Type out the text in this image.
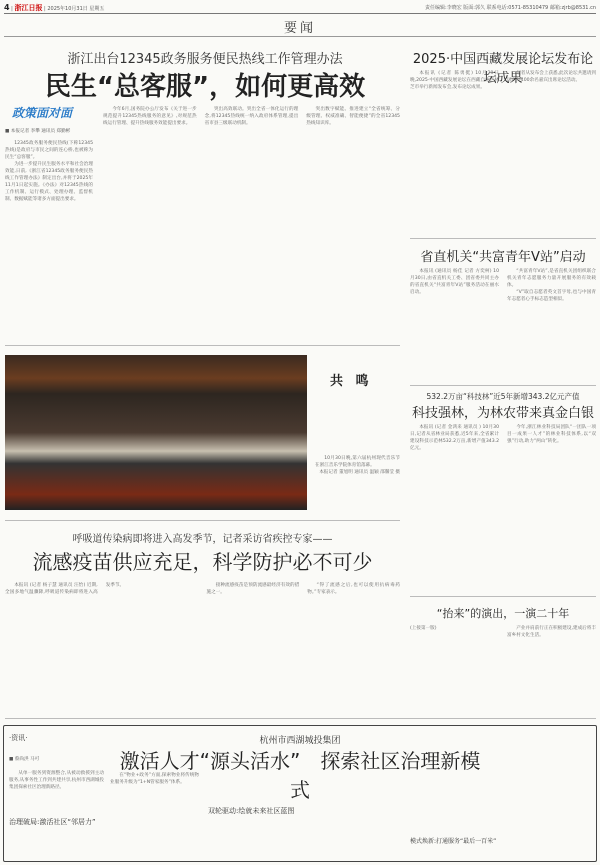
4 | 浙江日报 | 2025年10月31日 星期五	责任编辑:李晓宏 版面:郭久 联系电话:0571-85310479 邮箱:zjrb@8531.cn
要闻
浙江出台12345政务服务便民热线工作管理办法
民生“总客服”，如何更高效
政策面对面
■ 本报记者 李攀 通讯员 郑勤彬

12345政务服务便民热线(下称12345热线)是政府与市民之间的连心桥,也被称为民生“总客服”。

为进一步提升民生服务水平和社会治理效能,日前,《浙江省12345政务服务便民热线工作管理办法》制定出台,并将于2025年11月1日起实施。《办法》对12345热线的工作机制、运行模式、处理办理、监督机制、数据赋能等诸多方面提出要求。

今年6月,国务院办公厅发布《关于进一步规范提升12345热线服务的意见》,对规范热线运行管理、提升热线服务效能提出要求。

突出高效联动。突出全省一体化运行的理念,将12345热线统一纳入政府体系管理,提出省市县三级联动机制。

突出数字赋能。推进建立“全省统筹、分级管理、权威准确、智能便捷”的全省12345热线知识库。

共 鸣

10月30日晚,第六届杭州现代音乐节在浙江音乐学院体育馆落幕。

本报记者 董旭明 通讯员 温颖 邵馨莹 摄
呼吸道传染病即将进入高发季节，记者采访省疾控专家——
流感疫苗供应充足，科学防护必不可少

本报讯 (记者 杨子慧 通讯员 汪怡) 近期,全国多地气温骤降,呼吸道传染病即将进入高发季节。	接种流感疫苗是预防流感最经济有效的措施之一。

“得了流感之后,也可以使用抗病毒药物。”专家表示。

2025·中国西藏发展论坛发布论坛成果

本报讯 (记者 陈勇挺) 10月29日晚,2025·中国西藏发展论坛在西藏自治区林芝市举行新闻发布会,发布论坛成果。

记者从发布会上获悉,此次论坛共邀请到国内外400余名嘉宾出席论坛活动。

省直机关“共富青年V站”启动

本报讯 (通讯员 杨佳 记者 方奕柯) 10月30日,由省直机关工委、团省委共同主办的省直机关“共富青年V站”服务活动在丽水启动。

“共富青年V站”,是省直机关团组织联合机关青年志愿服务力量开展服务的有效载体。

“V”取自志愿者英文首字母,也与中国青年志愿者心手标志造型相似。

532.2万亩“科技林”近5年新增343.2亿元产值
科技强林，为林农带来真金白银

本报讯 (记者 金鸿来 通讯员 ) 10月30日,记者从省林业局获悉,近5年来,全省累计建设科技示范林532.2万亩,新增产值343.2亿元。

今年,浙江林业科技局团队“一团队一项目一成果一人才”的林业科技体系,以“双强”行动,助力“两山”转化。

“抬来”的演出，一演二十年
(上接第一版)	产业并肩前行正在积极建设,建成后将丰富乡村文化生活。

·资讯·
■ 蔡尚洪 马可

从单一服务到资源整合,从被动救援到主动服务,从事务性工作到共建共享,杭州市西湖城投集团探索社区治理新路径。

治理破局:激活社区“邻居力”
杭州市西湖城投集团
激活人才“源头活水”　探索社区治理新模式

在“物业+政务”方面,探索物业将传统物业服务升级为“1+N管家服务”体系。

双轮驱动:绘就未来社区蓝图
模式焕新:打通服务“最后一百米”
